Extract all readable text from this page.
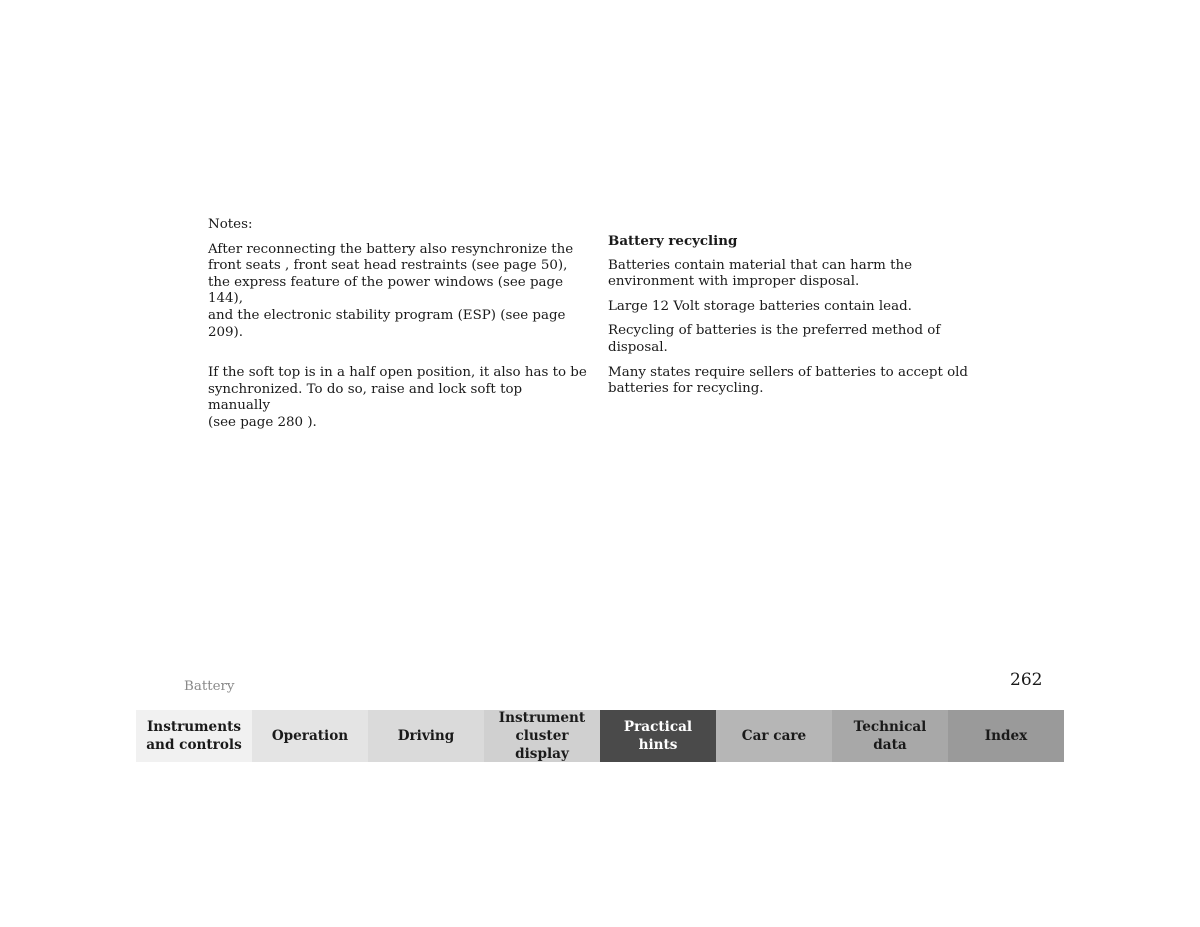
Notes:

After reconnecting the battery also resynchronize the
front seats , front seat head restraints (see page 50),
the express feature of the power windows (see page 144),
and the electronic stability program (ESP) (see page 209).

If the soft top is in a half open position, it also has to be
synchronized. To do so, raise and lock soft top manually
(see page 280 ).

Battery recycling

Batteries contain material that can harm the
environment with improper disposal.

Large 12 Volt storage batteries contain lead.

Recycling of batteries is the preferred method of
disposal.

Many states require sellers of batteries to accept old
batteries for recycling.

Battery	262
Instruments
and controls
Operation	Driving
Instrument
cluster display
Practical hints
Car care
Technical
data
Index
